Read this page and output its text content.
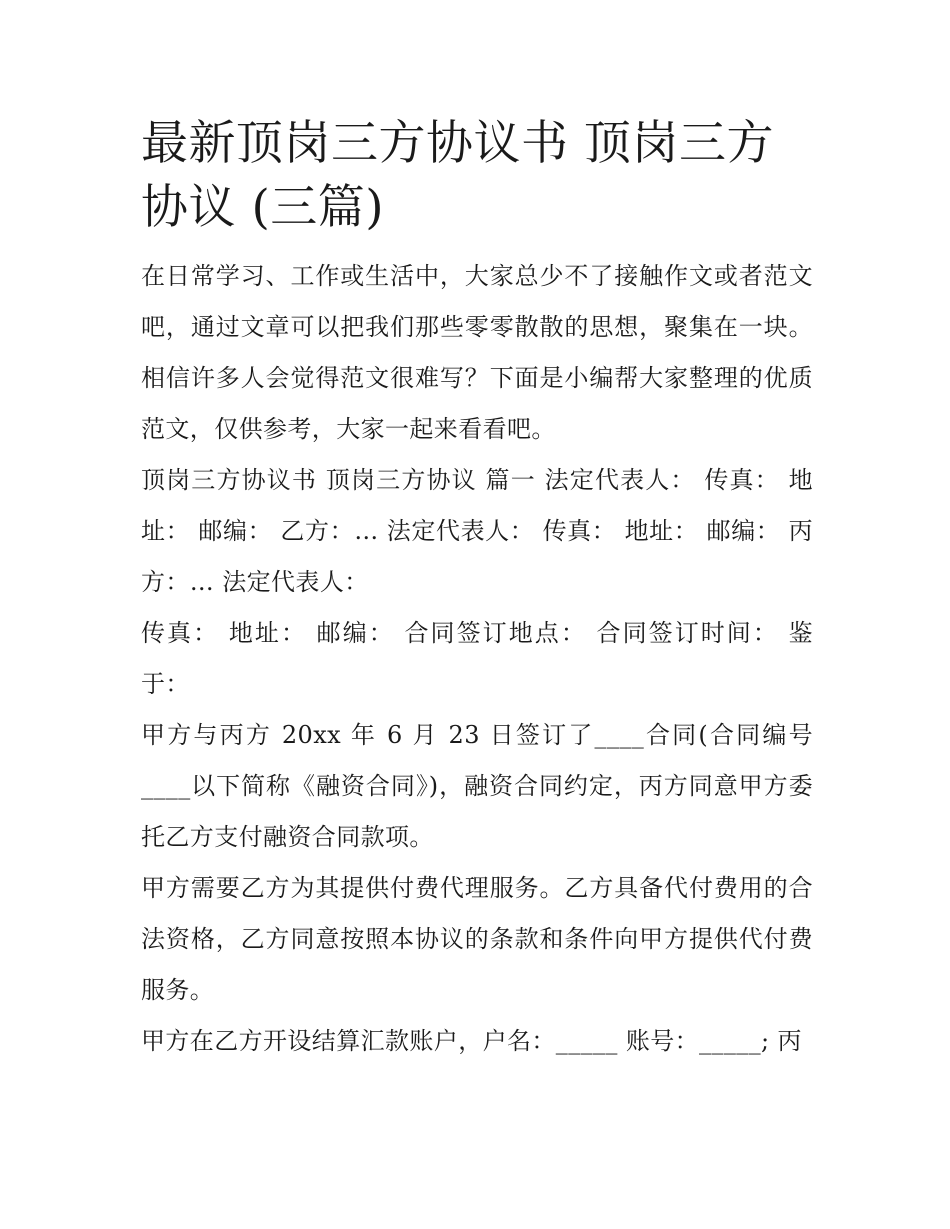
最新顶岗三方协议书 顶岗三方协议 (三篇)

在日常学习、工作或生活中，大家总少不了接触作文或者范文吧，通过文章可以把我们那些零零散散的思想，聚集在一块。相信许多人会觉得范文很难写？下面是小编帮大家整理的优质范文，仅供参考，大家一起来看看吧。

顶岗三方协议书 顶岗三方协议 篇一 法定代表人： 传真： 地址： 邮编： 乙方：… 法定代表人： 传真： 地址： 邮编： 丙方：… 法定代表人：

传真： 地址： 邮编： 合同签订地点： 合同签订时间： 鉴于：

甲方与丙方 20xx 年 6 月 23 日签订了____合同(合同编号____以下简称《融资合同》)，融资合同约定，丙方同意甲方委托乙方支付融资合同款项。

甲方需要乙方为其提供付费代理服务。乙方具备代付费用的合法资格，乙方同意按照本协议的条款和条件向甲方提供代付费服务。

甲方在乙方开设结算汇款账户，户名：_____ 账号：_____; 丙
